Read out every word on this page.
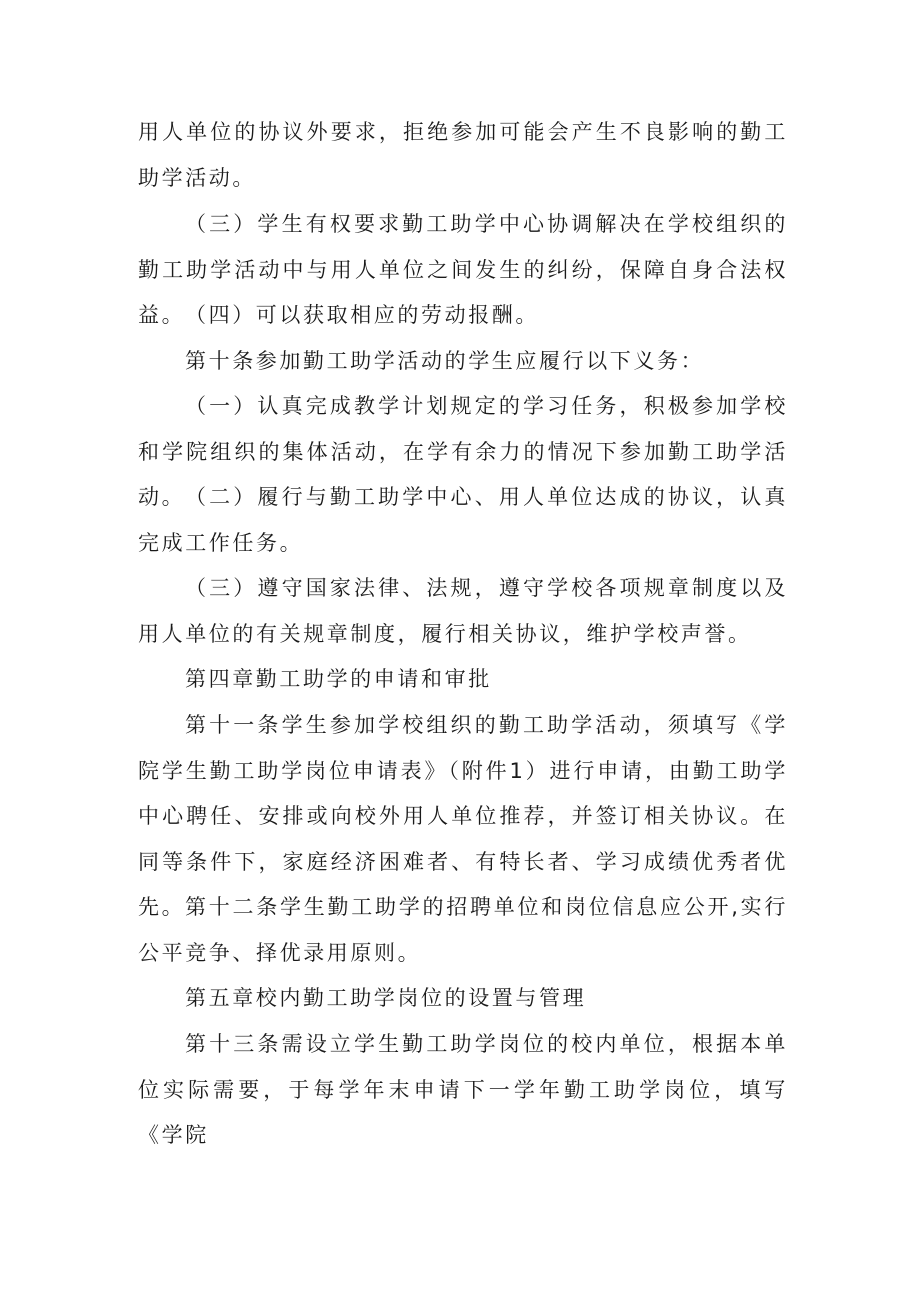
用人单位的协议外要求，拒绝参加可能会产生不良影响的勤工助学活动。

（三）学生有权要求勤工助学中心协调解决在学校组织的勤工助学活动中与用人单位之间发生的纠纷，保障自身合法权益。 （四）可以获取相应的劳动报酬。

第十条参加勤工助学活动的学生应履行以下义务：

（一）认真完成教学计划规定的学习任务，积极参加学校和学院组织的集体活动，在学有余力的情况下参加勤工助学活动。 （二）履行与勤工助学中心、用人单位达成的协议，认真完成工作任务。

（三）遵守国家法律、法规，遵守学校各项规章制度以及用人单位的有关规章制度，履行相关协议，维护学校声誉。

第四章勤工助学的申请和审批

第十一条学生参加学校组织的勤工助学活动，须填写《学院学生勤工助学岗位申请表》（附件1）进行申请，由勤工助学中心聘任、安排或向校外用人单位推荐，并签订相关协议。在同等条件下，家庭经济困难者、有特长者、学习成绩优秀者优先。 第十二条学生勤工助学的招聘单位和岗位信息应公开,实行公平竞争、择优录用原则。

第五章校内勤工助学岗位的设置与管理

第十三条需设立学生勤工助学岗位的校内单位，根据本单位实际需要，于每学年末申请下一学年勤工助学岗位，填写《学院
